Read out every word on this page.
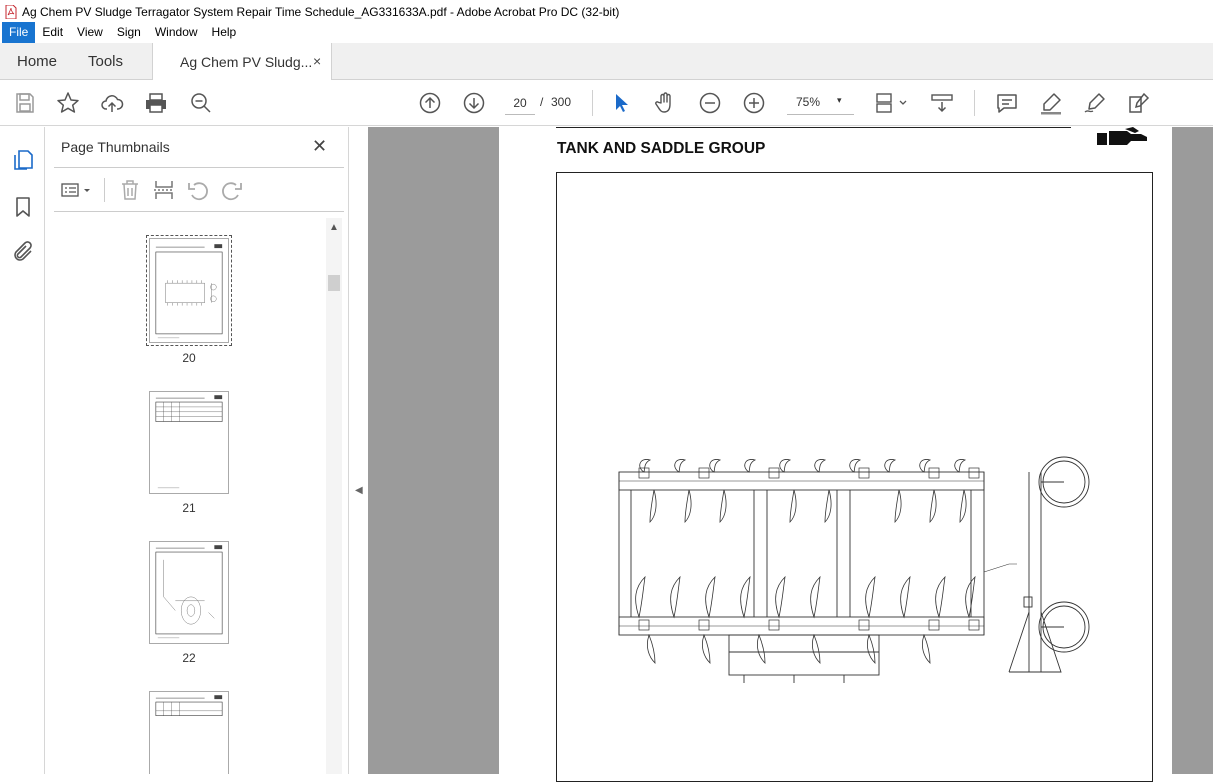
Ag Chem PV Sludge Terragator System Repair Time Schedule_AG331633A.pdf - Adobe Acrobat Pro DC (32-bit)
File	Edit	View	Sign	Window	Help
Home Tools	Ag Chem PV Sludg... ×
20
/ 300	75% ▾
Page Thumbnails	✕
20
21
22
▲
◀
TANK AND SADDLE GROUP
